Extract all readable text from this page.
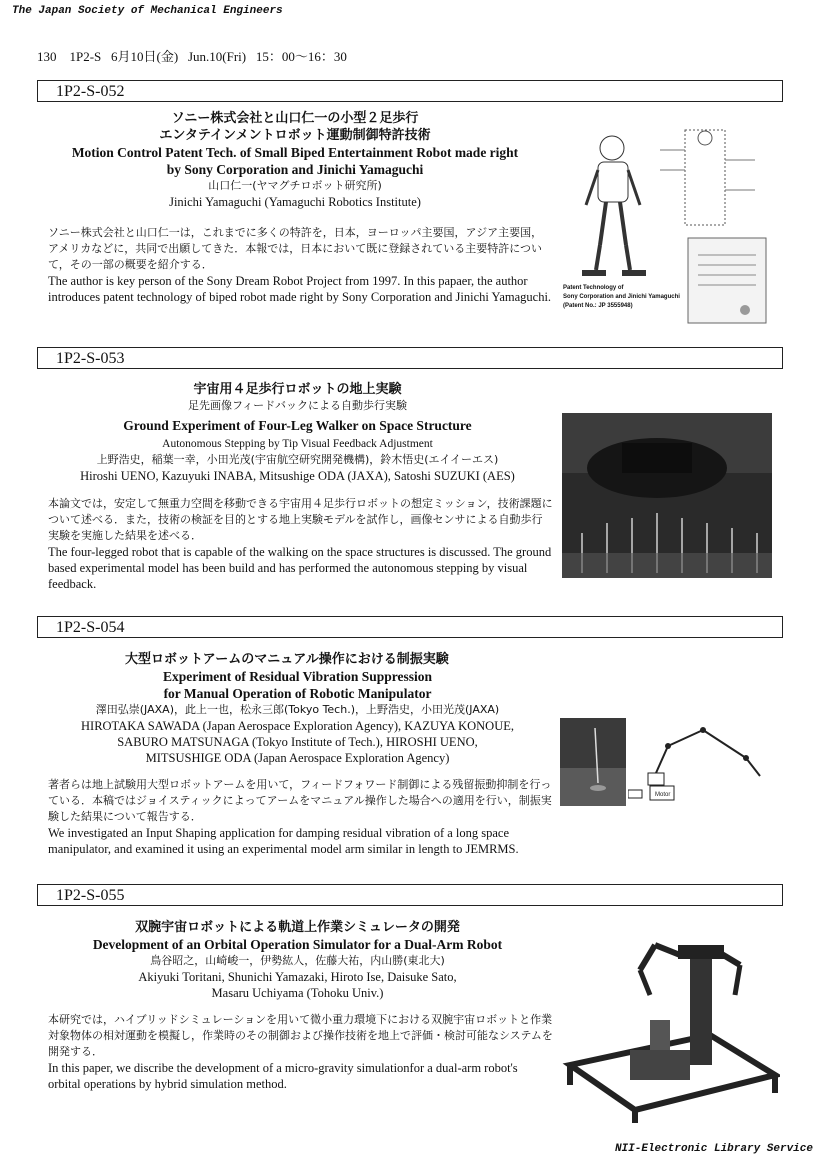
The Japan Society of Mechanical Engineers
130 1P2-S 6月10日(金) Jun.10(Fri) 15：00～16：30
1P2-S-052
ソニー株式会社と山口仁一の小型２足歩行
エンタテインメントロボット運動制御特許技術
Motion Control Patent Tech. of Small Biped Entertainment Robot made right
by Sony Corporation and Jinichi Yamaguchi
山口仁一(ヤマグチロボット研究所)
Jinichi Yamaguchi (Yamaguchi Robotics Institute)
ソニー株式会社と山口仁一は，これまでに多くの特許を，日本，ヨーロッパ主要国，アジア主要国，アメリカなどに，共同で出願してきた．本報では，日本において既に登録されている主要特許について，その一部の概要を紹介する．
The author is key person of the Sony Dream Robot Project from 1997. In this papaer, the author introduces patent technology of biped robot made right by Sony Corporation and Jinichi Yamaguchi.
Patent Technology of
Sony Corporation and Jinichi Yamaguchi
(Patent No.: JP 3555948)
1P2-S-053
宇宙用４足歩行ロボットの地上実験
足先画像フィードバックによる自動歩行実験
Ground Experiment of Four-Leg Walker on Space Structure
Autonomous Stepping by Tip Visual Feedback Adjustment
上野浩史，稲葉一幸，小田光茂(宇宙航空研究開発機構)，鈴木悟史(エイイーエス)
Hiroshi UENO, Kazuyuki INABA, Mitsushige ODA (JAXA), Satoshi SUZUKI (AES)
本論文では，安定して無重力空間を移動できる宇宙用４足歩行ロボットの想定ミッション，技術課題について述べる．また，技術の検証を目的とする地上実験モデルを試作し，画像センサによる自動歩行実験を実施した結果を述べる．
The four-legged robot that is capable of the walking on the space structures is discussed. The ground based experimental model has been build and has performed the autonomous stepping by visual feedback.
1P2-S-054
大型ロボットアームのマニュアル操作における制振実験
Experiment of Residual Vibration Suppression
for Manual Operation of Robotic Manipulator
澤田弘崇(JAXA)，此上一也，松永三郎(Tokyo Tech.)，上野浩史，小田光茂(JAXA)
HIROTAKA SAWADA (Japan Aerospace Exploration Agency), KAZUYA KONOUE,
SABURO MATSUNAGA (Tokyo Institute of Tech.), HIROSHI UENO,
MITSUSHIGE ODA (Japan Aerospace Exploration Agency)
著者らは地上試験用大型ロボットアームを用いて，フィードフォワード制御による残留振動抑制を行っている．本稿ではジョイスティックによってアームをマニュアル操作した場合への適用を行い，制振実験した結果について報告する．
We investigated an Input Shaping application for damping residual vibration of a long space manipulator, and examined it using an experimental model arm similar in length to JEMRMS.
Motor
1P2-S-055
双腕宇宙ロボットによる軌道上作業シミュレータの開発
Development of an Orbital Operation Simulator for a Dual-Arm Robot
鳥谷昭之，山崎峻一，伊勢紘人，佐藤大祐，内山勝(東北大)
Akiyuki Toritani, Shunichi Yamazaki, Hiroto Ise, Daisuke Sato,
Masaru Uchiyama (Tohoku Univ.)
本研究では，ハイブリッドシミュレーションを用いて微小重力環境下における双腕宇宙ロボットと作業対象物体の相対運動を模擬し，作業時のその制御および操作技術を地上で評価・検討可能なシステムを開発する．
In this paper, we discribe the development of a micro-gravity simulationfor a dual-arm robot's orbital operations by hybrid simulation method.
NII-Electronic Library Service
